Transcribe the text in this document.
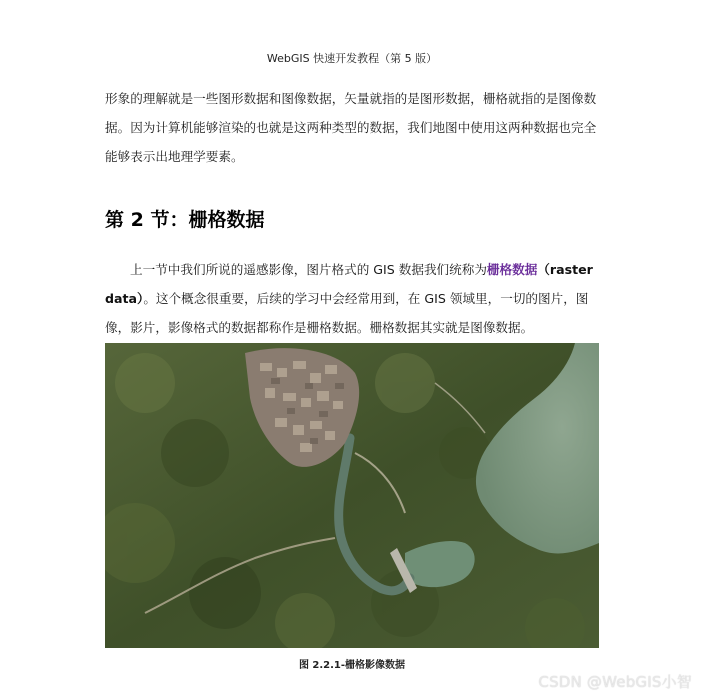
WebGIS 快速开发教程（第 5 版）
形象的理解就是一些图形数据和图像数据，矢量就指的是图形数据，栅格就指的是图像数据。因为计算机能够渲染的也就是这两种类型的数据，我们地图中使用这两种数据也完全能够表示出地理学要素。
第 2 节：栅格数据
上一节中我们所说的遥感影像，图片格式的 GIS 数据我们统称为栅格数据（raster data）。这个概念很重要，后续的学习中会经常用到，在 GIS 领域里，一切的图片，图像，影片，影像格式的数据都称作是栅格数据。栅格数据其实就是图像数据。
图 2.2.1-栅格影像数据
CSDN @WebGIS小智
